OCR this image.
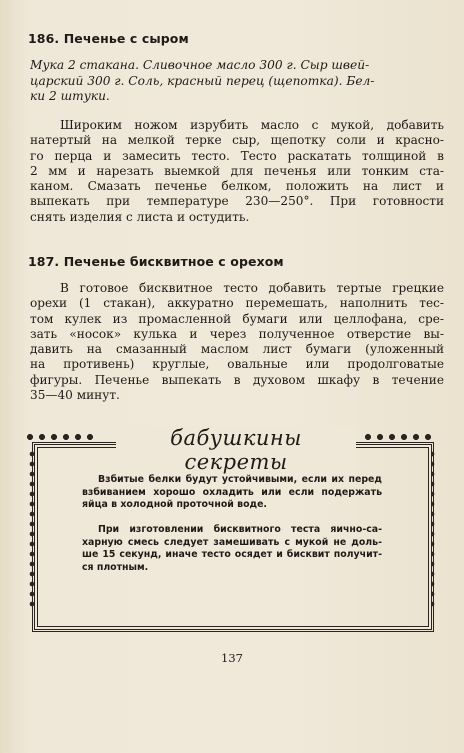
186. Печенье с сыром
Мука 2 стакана. Сливочное масло 300 г. Сыр швей-
царский 300 г. Соль, красный перец (щепотка). Бел-
ки 2 штуки.
Широким ножом изрубить масло с мукой, добавить
натертый на мелкой терке сыр, щепотку соли и красно-
го перца и замесить тесто. Тесто раскатать толщиной в
2 мм и нарезать выемкой для печенья или тонким ста-
каном. Смазать печенье белком, положить на лист и
выпекать при температуре 230—250°. При готовности
снять изделия с листа и остудить.
187. Печенье бисквитное с орехом
В готовое бисквитное тесто добавить тертые грецкие
орехи (1 стакан), аккуратно перемешать, наполнить тес-
том кулек из промасленной бумаги или целлофана, сре-
зать «носок» кулька и через полученное отверстие вы-
давить на смазанный маслом лист бумаги (уложенный
на противень) круглые, овальные или продолговатые
фигуры. Печенье выпекать в духовом шкафу в течение
35—40 минут.
бабушкины секреты
Взбитые белки будут устойчивыми, если их перед
взбиванием хорошо охладить или если подержать
яйца в холодной проточной воде.
При изготовлении бисквитного теста яично-са-
харную смесь следует замешивать с мукой не доль-
ше 15 секунд, иначе тесто осядет и бисквит получит-
ся плотным.
137
